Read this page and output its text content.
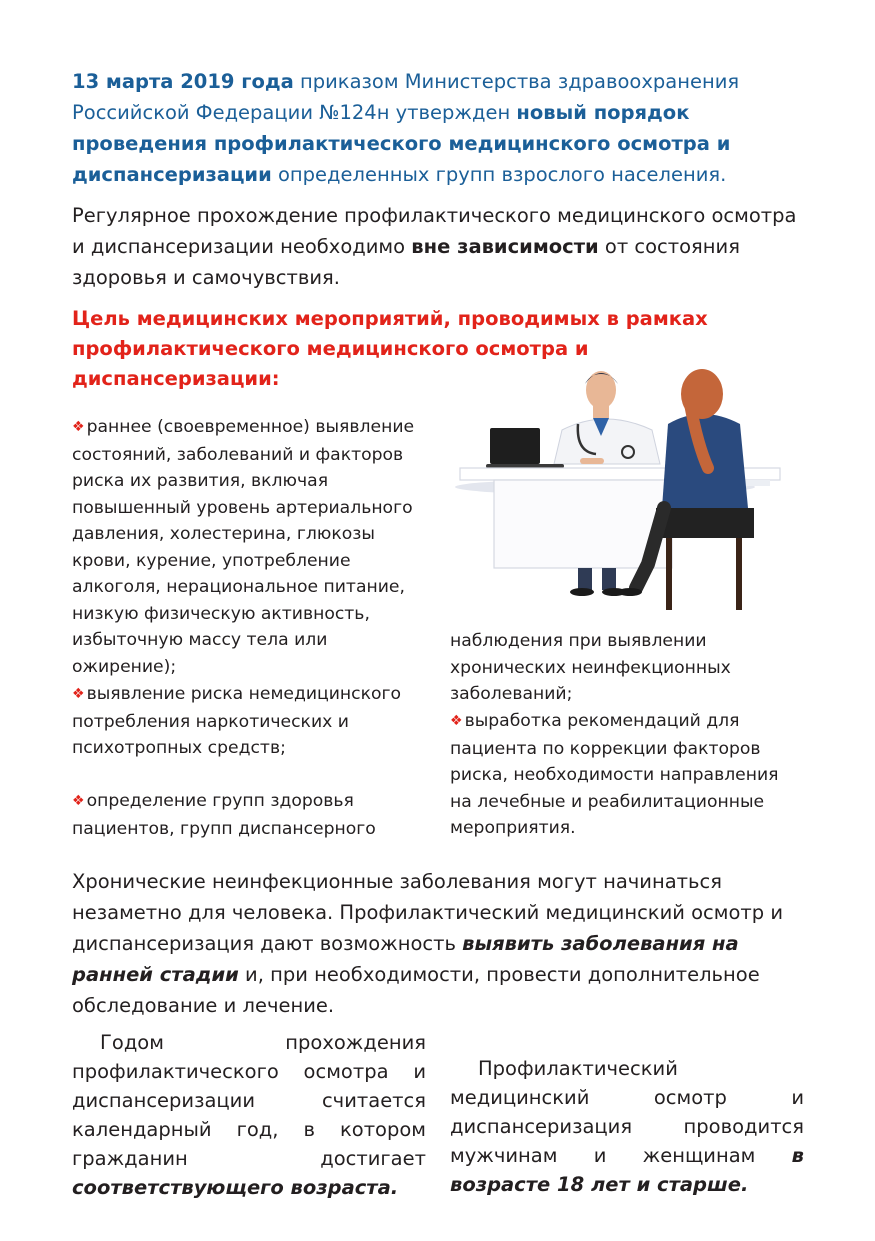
13 марта 2019 года приказом Министерства здравоохранения Российской Федерации №124н утвержден новый порядок проведения профилактического медицинского осмотра и диспансеризации определенных групп взрослого населения.

Регулярное прохождение профилактического медицинского осмотра и диспансеризации необходимо вне зависимости от состояния здоровья и самочувствия.

Цель медицинских мероприятий, проводимых в рамках профилактического медицинского осмотра и диспансеризации:

❖ раннее (своевременное) выявление состояний, заболеваний и факторов риска их развития, включая повышенный уровень артериального давления, холестерина, глюкозы крови, курение, употребление алкоголя, нерациональное питание, низкую физическую активность, избыточную массу тела или ожирение);

❖ выявление риска немедицинского потребления наркотических и психотропных средств;

❖ определение групп здоровья пациентов, групп диспансерного

наблюдения при выявлении хронических неинфекционных заболеваний;

❖ выработка рекомендаций для пациента по коррекции факторов риска, необходимости направления на лечебные и реабилитационные мероприятия.

Хронические неинфекционные заболевания могут начинаться незаметно для человека. Профилактический медицинский осмотр и диспансеризация дают возможность выявить заболевания на ранней стадии и, при необходимости, провести дополнительное обследование и лечение.

Годом прохождения профилактического осмотра и диспансеризации считается календарный год, в котором гражданин достигает соответствующего возраста.

Профилактический медицинский осмотр и диспансеризация проводится мужчинам и женщинам в возрасте 18 лет и старше.
